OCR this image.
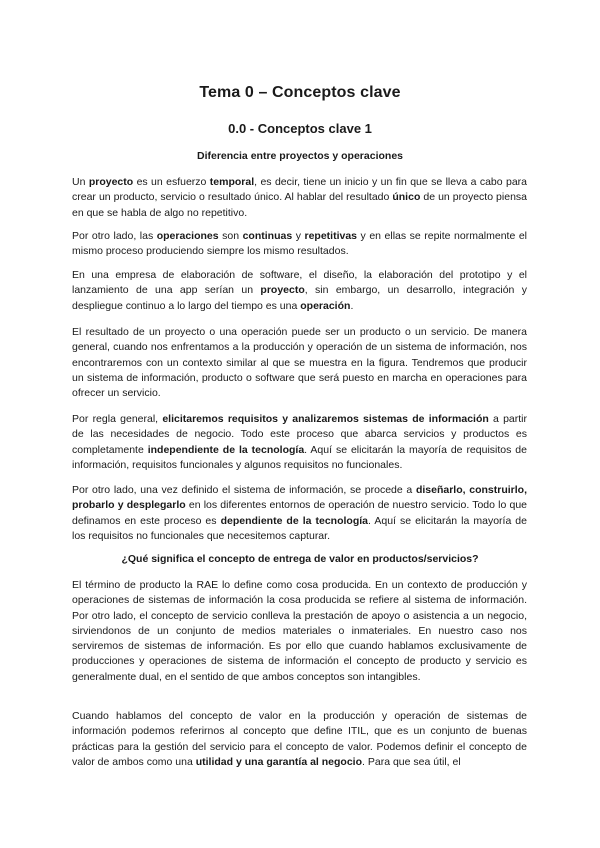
Tema 0 – Conceptos clave
0.0 - Conceptos clave 1
Diferencia entre proyectos y operaciones

Un proyecto es un esfuerzo temporal, es decir, tiene un inicio y un fin que se lleva a cabo para crear un producto, servicio o resultado único. Al hablar del resultado único de un proyecto piensa en que se habla de algo no repetitivo.

Por otro lado, las operaciones son continuas y repetitivas y en ellas se repite normalmente el mismo proceso produciendo siempre los mismo resultados.

En una empresa de elaboración de software, el diseño, la elaboración del prototipo y el lanzamiento de una app serían un proyecto, sin embargo, un desarrollo, integración y despliegue continuo a lo largo del tiempo es una operación.

El resultado de un proyecto o una operación puede ser un producto o un servicio. De manera general, cuando nos enfrentamos a la producción y operación de un sistema de información, nos encontraremos con un contexto similar al que se muestra en la figura. Tendremos que producir un sistema de información, producto o software que será puesto en marcha en operaciones para ofrecer un servicio.

Por regla general, elicitaremos requisitos y analizaremos sistemas de información a partir de las necesidades de negocio. Todo este proceso que abarca servicios y productos es completamente independiente de la tecnología. Aquí se elicitarán la mayoría de requisitos de información, requisitos funcionales y algunos requisitos no funcionales.

Por otro lado, una vez definido el sistema de información, se procede a diseñarlo, construirlo, probarlo y desplegarlo en los diferentes entornos de operación de nuestro servicio. Todo lo que definamos en este proceso es dependiente de la tecnología. Aquí se elicitarán la mayoría de los requisitos no funcionales que necesitemos capturar.

¿Qué significa el concepto de entrega de valor en productos/servicios?

El término de producto la RAE lo define como cosa producida. En un contexto de producción y operaciones de sistemas de información la cosa producida se refiere al sistema de información. Por otro lado, el concepto de servicio conlleva la prestación de apoyo o asistencia a un negocio, sirviendonos de un conjunto de medios materiales o inmateriales. En nuestro caso nos serviremos de sistemas de información. Es por ello que cuando hablamos exclusivamente de producciones y operaciones de sistema de información el concepto de producto y servicio es generalmente dual, en el sentido de que ambos conceptos son intangibles.

Cuando hablamos del concepto de valor en la producción y operación de sistemas de información podemos referirnos al concepto que define ITIL, que es un conjunto de buenas prácticas para la gestión del servicio para el concepto de valor. Podemos definir el concepto de valor de ambos como una utilidad y una garantía al negocio. Para que sea útil, el
